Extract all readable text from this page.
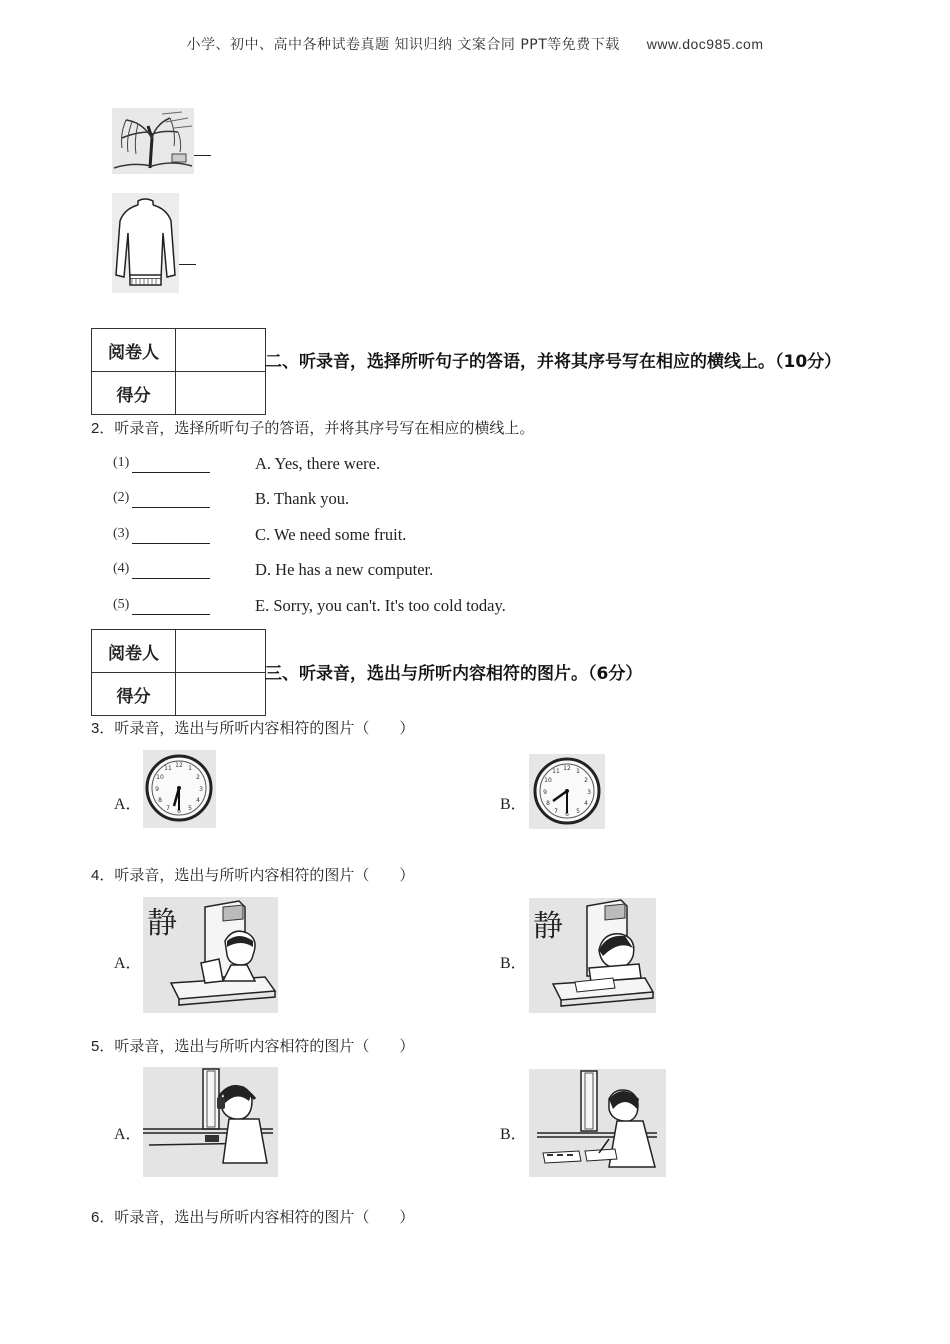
小学、初中、高中各种试卷真题 知识归纳 文案合同 PPT等免费下载 www.doc985.com
阅卷人	
得分	
二、听录音，选择所听句子的答语，并将其序号写在相应的横线上。（10分）
2．听录音，选择所听句子的答语，并将其序号写在相应的横线上。
(1)	A. Yes, there were.
(2)	B. Thank you.
(3)	C. We need some fruit.
(4)	D. He has a new computer.
(5)	E. Sorry, you can't. It's too cold today.
阅卷人	
得分	
三、听录音，选出与所听内容相符的图片。（6分）
3．听录音，选出与所听内容相符的图片（　　）
A．
12
3
6
9
1
2
4
5
7
8
10
11
B．
12
3
6
9
1
2
4
5
7
8
10
11
4．听录音，选出与所听内容相符的图片（　　）
A．
静
B．
静
5．听录音，选出与所听内容相符的图片（　　）
A．	B．
6．听录音，选出与所听内容相符的图片（　　）
